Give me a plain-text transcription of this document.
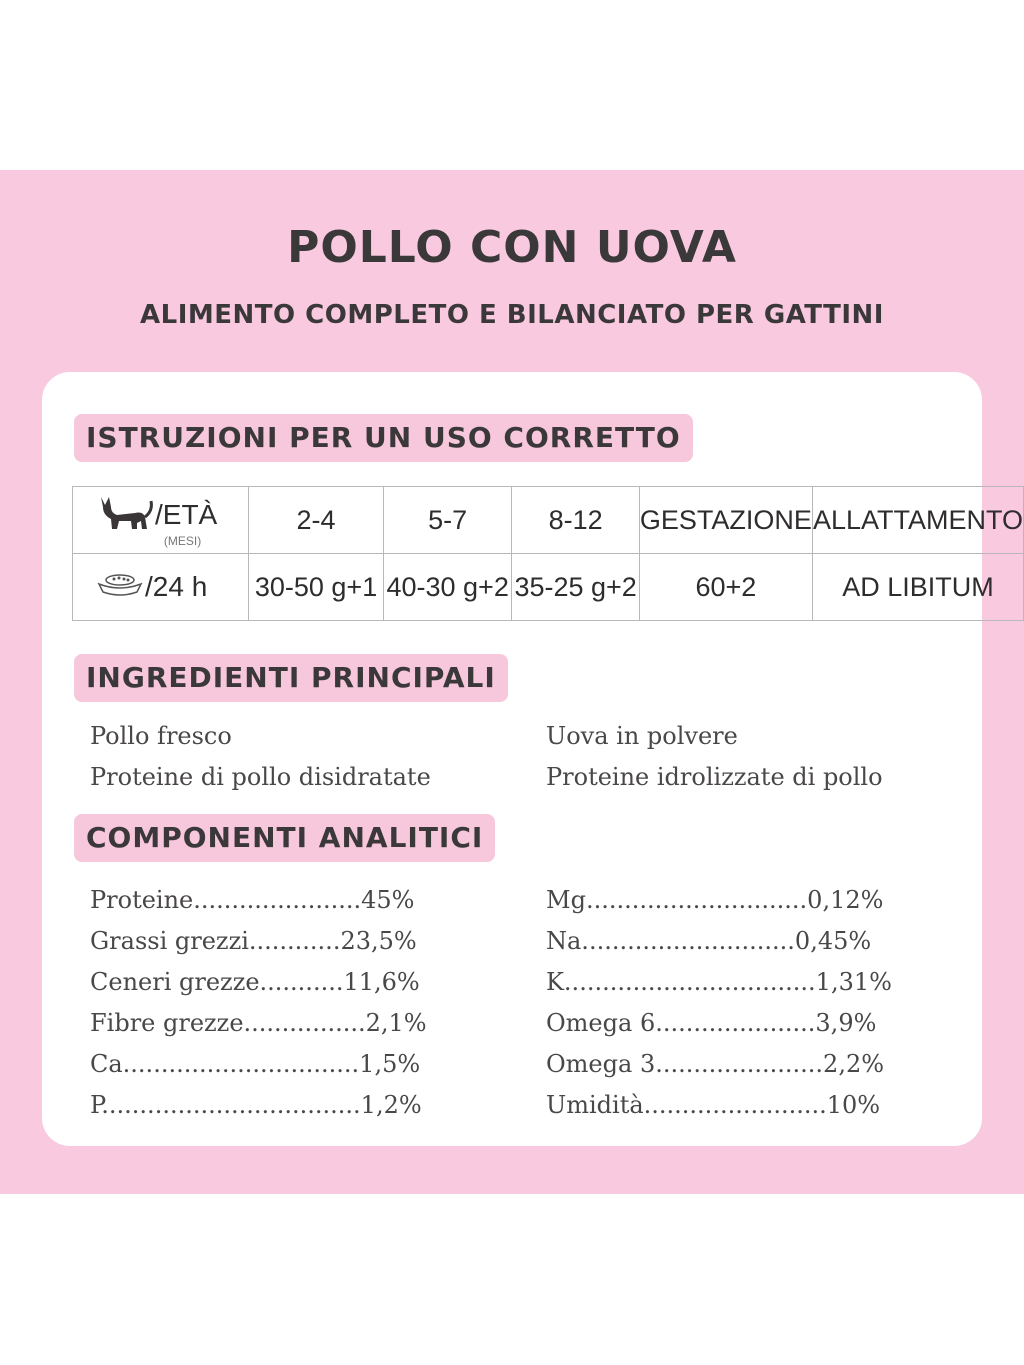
POLLO CON UOVA
ALIMENTO COMPLETO E BILANCIATO PER GATTINI
ISTRUZIONI PER UN USO CORRETTO
/ETÀ
(MESI)	2-4	5-7	8-12	GESTAZIONE	ALLATTAMENTO

/24 h	30-50 g+1	40-30 g+2	35-25 g+2	60+2	AD LIBITUM
INGREDIENTI PRINCIPALI
Pollo fresco
Proteine di pollo disidratate
Uova in polvere
Proteine idrolizzate di pollo
COMPONENTI ANALITICI
Proteine......................45%
Grassi grezzi............23,5%
Ceneri grezze...........11,6%
Fibre grezze................2,1%
Ca...............................1,5%
P..................................1,2%
Mg.............................0,12%
Na............................0,45%
K.................................1,31%
Omega 6.....................3,9%
Omega 3......................2,2%
Umidità........................10%
